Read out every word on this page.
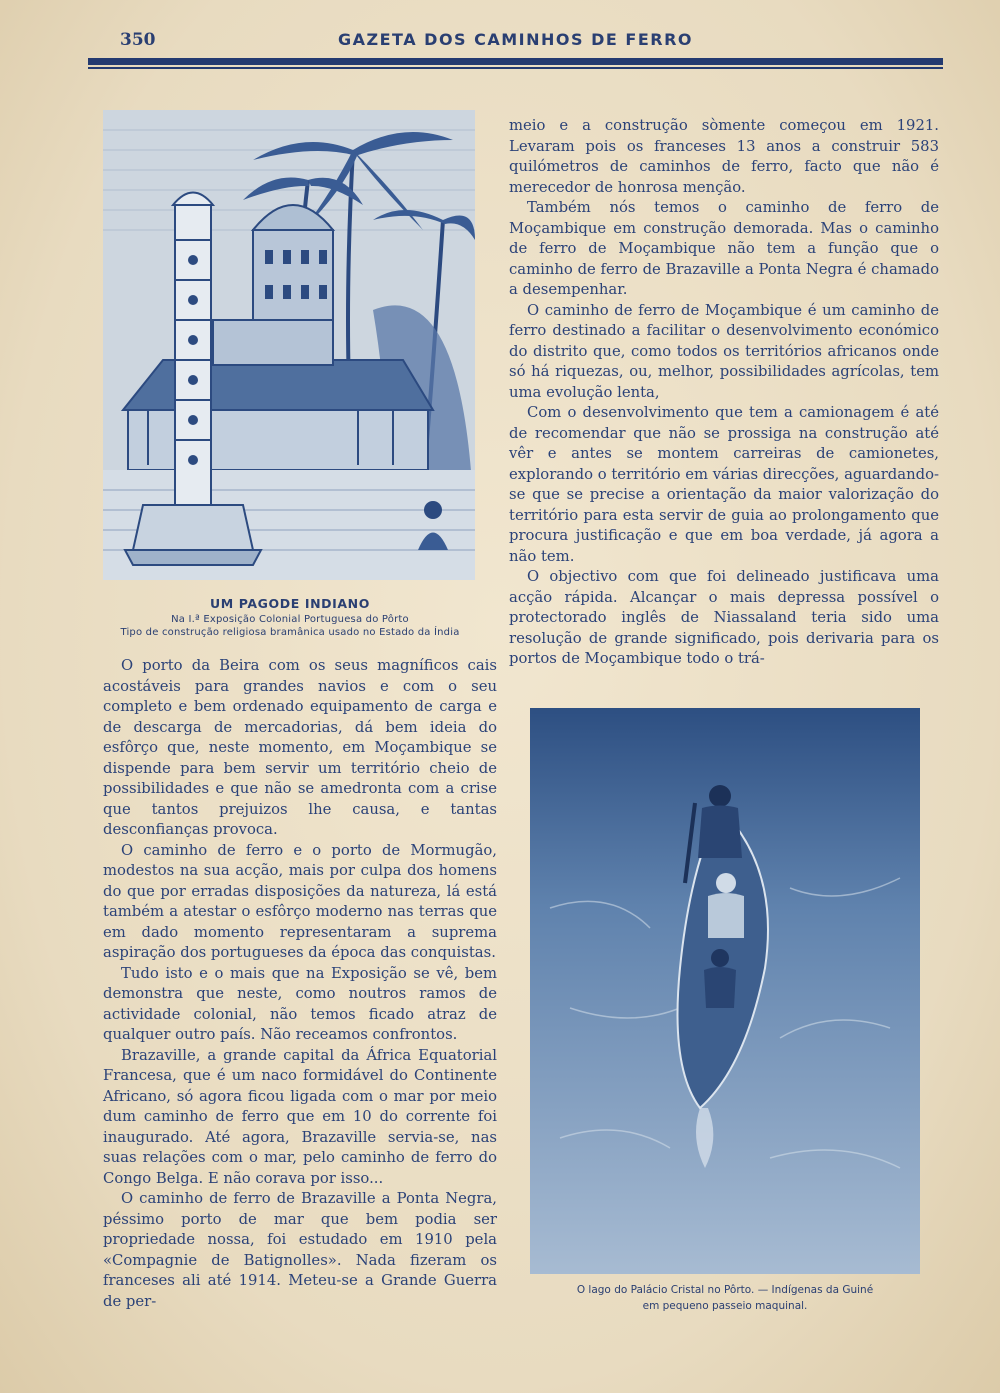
350	GAZETA DOS CAMINHOS DE FERRO
UM PAGODE INDIANO
Na I.ª Exposição Colonial Portuguesa do Pôrto
Tipo de construção religiosa bramânica usado no Estado da Índia

meio e a construção sòmente começou em 1921. Levaram pois os franceses 13 anos a construir 583 quilómetros de caminhos de ferro, facto que não é merecedor de honrosa menção.

Também nós temos o caminho de ferro de Moçambique em construção demorada. Mas o caminho de ferro de Moçambique não tem a função que o caminho de ferro de Brazaville a Ponta Negra é chamado a desempenhar.

O caminho de ferro de Moçambique é um caminho de ferro destinado a facilitar o desenvolvimento económico do distrito que, como todos os territórios africanos onde só há riquezas, ou, melhor, possibilidades agrícolas, tem uma evolução lenta,

Com o desenvolvimento que tem a camionagem é até de recomendar que não se prossiga na construção até vêr e antes se montem carreiras de camionetes, explorando o território em várias direcções, aguardando-se que se precise a orientação da maior valorização do território para esta servir de guia ao prolongamento que procura justificação e que em boa verdade, já agora a não tem.

O objectivo com que foi delineado justificava uma acção rápida. Alcançar o mais depressa possível o protectorado inglês de Niassaland teria sido uma resolução de grande significado, pois derivaria para os portos de Moçambique todo o trá-

O lago do Palácio Cristal no Pôrto. — Indígenas da Guiné
em pequeno passeio maquinal.

O porto da Beira com os seus magníficos cais acostáveis para grandes navios e com o seu completo e bem ordenado equipamento de carga e de descarga de mercadorias, dá bem ideia do esfôrço que, neste momento, em Moçambique se dispende para bem servir um território cheio de possibilidades e que não se amedronta com a crise que tantos prejuizos lhe causa, e tantas desconfianças provoca.

O caminho de ferro e o porto de Mormugão, modestos na sua acção, mais por culpa dos homens do que por erradas disposições da natureza, lá está também a atestar o esfôrço moderno nas terras que em dado momento representaram a suprema aspiração dos portugueses da época das conquistas.

Tudo isto e o mais que na Exposição se vê, bem demonstra que neste, como noutros ramos de actividade colonial, não temos ficado atraz de qualquer outro país. Não receamos confrontos.

Brazaville, a grande capital da África Equatorial Francesa, que é um naco formidável do Continente Africano, só agora ficou ligada com o mar por meio dum caminho de ferro que em 10 do corrente foi inaugurado. Até agora, Brazaville servia-se, nas suas relações com o mar, pelo caminho de ferro do Congo Belga. E não corava por isso...

O caminho de ferro de Brazaville a Ponta Negra, péssimo porto de mar que bem podia ser propriedade nossa, foi estudado em 1910 pela «Compagnie de Batignolles». Nada fizeram os franceses ali até 1914. Meteu-se a Grande Guerra de per-
